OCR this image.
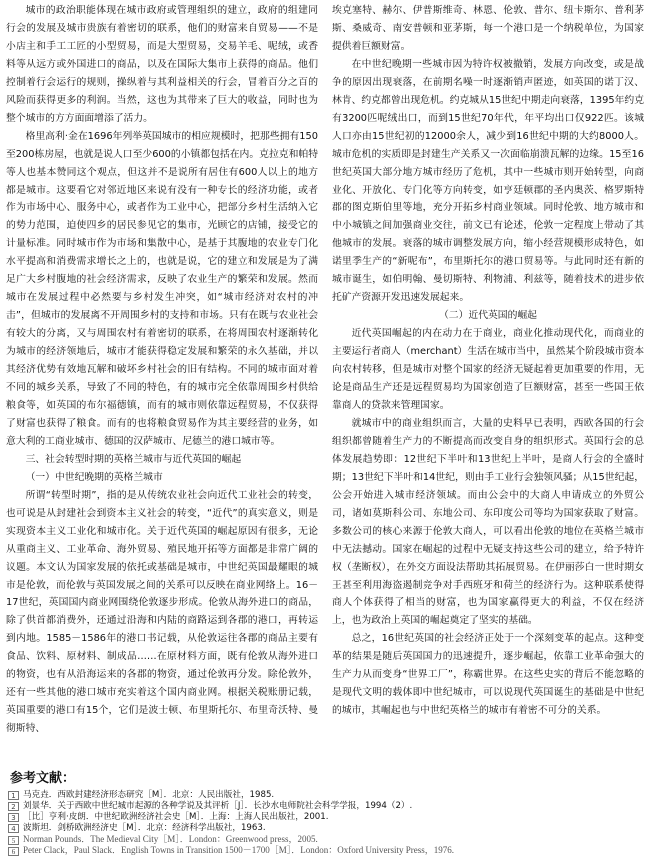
城市的政治职能体现在城市政府或管理组织的建立，政府的组建同行会的发展及城市贵族有着密切的联系，他们的财富来自贸易——不是小店主和手工工匠的小型贸易，而是大型贸易，交易羊毛、呢绒，或香料等从远方或外国进口的商品，以及在国际大集市上获得的商品。他们控制着行会运行的规则，操纵着与其利益相关的行会，冒着百分之百的风险而获得更多的利润。当然，这也为其带来了巨大的收益，同时也为整个城市的方方面面增添了活力。

格里高利·金在1696年列举英国城市的相应规模时，把那些拥有150至200栋房屋，也就是说人口至少600的小镇都包括在内。克拉克和帕特等人也基本赞同这个观点，但这并不是说所有居住有600人以上的地方都是城市。这要看它对邻近地区来说有没有一种专长的经济功能，或者作为市场中心、服务中心，或者作为工业中心，把部分乡村生活纳入它的势力范围，迫使四乡的居民参见它的集市，光顾它的店铺，接受它的计量标准。同时城市作为市场和集散中心，是基于其腹地的农业专门化水平提高和消费需求增长之上的，也就是说，它的建立和发展是为了满足广大乡村腹地的社会经济需求，反映了农业生产的繁荣和发展。然而城市在发展过程中必然要与乡村发生冲突，如“城市经济对农村的冲击”，但城市的发展离不开周围乡村的支持和市场。只有在既与农业社会有较大的分离，又与周围农村有着密切的联系，在将周围农村逐渐转化为城市的经济领地后，城市才能获得稳定发展和繁荣的永久基础，并以其经济优势有效地瓦解和破坏乡村社会的旧有结构。不同的城市面对着不同的城乡关系，导致了不同的特色，有的城市完全依靠周围乡村供给粮食等，如英国的布尔福德镇，而有的城市则依靠远程贸易，不仅获得了财富也获得了粮食。而有的也将粮食贸易作为其主要经营的业务，如意大利的工商业城市、德国的汉萨城市、尼德兰的港口城市等。

三、社会转型时期的英格兰城市与近代英国的崛起

（一）中世纪晚期的英格兰城市

所谓“转型时期”，指的是从传统农业社会向近代工业社会的转变，也可说是从封建社会到资本主义社会的转变，“近代”的真实意义，则是实现资本主义工业化和城市化。关于近代英国的崛起原因有很多，无论从重商主义、工业革命、海外贸易、殖民地开拓等方面都是非常广阔的议题。本文认为国家发展的依托或基础是城市，中世纪英国最耀眼的城市是伦敦，而伦敦与英国发展之间的关系可以反映在商业网络上。16－17世纪，英国国内商业网围绕伦敦逐步形成。伦敦从海外进口的商品，除了供首都消费外，还通过沿海和内陆的商路运到各郡的港口，再转运到内地。1585－1586年的港口书记载，从伦敦运往各郡的商品主要有食品、饮料、原材料、制成品……在原材料方面，既有伦敦从海外进口的物资，也有从沿海运来的各郡的物资，通过伦敦再分发。除伦敦外，还有一些其他的港口城市充实着这个国内商业网。根据关税账册记载，英国重要的港口有15个，它们是波士顿、布里斯托尔、布里奇沃特、曼彻斯特、

埃克塞特、赫尔、伊普斯维奇、林恩、伦敦、普尔、纽卡斯尔、普利茅斯、桑威奇、南安普顿和亚茅斯，每一个港口是一个纳税单位，为国家提供着巨额财富。

在中世纪晚期一些城市因为特许权被撤销，发展方向改变，或是战争的原因出现衰落，在前期名噪一时逐渐销声匿迹，如英国的诺丁汉、林肯、约克都曾出现危机。约克城从15世纪中期走向衰落，1395年约克有3200匹呢绒出口，而到15世纪70年代，年平均出口仅922匹。该城人口亦由15世纪初的12000余人，减少到16世纪中期的大约8000人。城市危机的实质即是封建生产关系又一次面临崩溃瓦解的边缘。15至16世纪英国大部分地方城市经历了危机，其中一些城市则开始转型，向商业化、开放化、专门化等方向转变，如亨廷顿郡的圣内奥茨、格罗斯特郡的图克斯伯里等地，充分开拓乡村商业领域。同时伦敦、地方城市和中小城镇之间加强商业交往，前文已有论述，伦敦一定程度上带动了其他城市的发展。衰落的城市调整发展方向，缩小经营规模形成特色，如诺里季生产的“新呢布”，布里斯托尔的港口贸易等。与此同时还有新的城市诞生，如伯明翰、曼切斯特、利物浦、利兹等，随着技术的进步依托矿产资源开发迅速发展起来。

（二）近代英国的崛起

近代英国崛起的内在动力在于商业，商业化推动现代化，而商业的主要运行者商人（merchant）生活在城市当中，虽然某个阶段城市资本向农村转移，但是城市对整个国家的经济无疑起着更加重要的作用，无论是商品生产还是远程贸易均为国家创造了巨额财富，甚至一些国王依靠商人的贷款来管理国家。

就城市中的商业组织而言，大量的史料早已表明，西欧各国的行会组织都曾随着生产力的不断提高而改变自身的组织形式。英国行会的总体发展趋势即：12世纪下半叶和13世纪上半叶，是商人行会的全盛时期；13世纪下半叶和14世纪，则由手工业行会独领风骚；从15世纪起，公会开始进入城市经济领域。而由公会中的大商人申请成立的外贸公司，诸如莫斯科公司、东地公司、东印度公司等均为国家获取了财富。多数公司的核心来源于伦敦大商人，可以看出伦敦的地位在英格兰城市中无法撼动。国家在崛起的过程中无疑支持这些公司的建立，给予特许权（垄断权），在外交方面设法帮助其拓展贸易。在伊丽莎白一世时期女王甚至利用海盗遏制竞争对手西班牙和荷兰的经济行为。这种联系使得商人个体获得了相当的财富，也为国家赢得更大的利益，不仅在经济上，也为政治上英国的崛起奠定了坚实的基础。

总之，16世纪英国的社会经济正处于一个深刻变革的起点。这种变革的结果是随后英国国力的迅速提升，逐步崛起，依靠工业革命强大的生产力从而变身“世界工厂”，称霸世界。在这些史实的背后不能忽略的是现代文明的载体即中世纪城市，可以说现代英国诞生的基础是中世纪的城市，其崛起也与中世纪英格兰的城市有着密不可分的关系。

参考文献：
1 马克垚．西欧封建经济形态研究［M］．北京：人民出版社，1985.
2 刘景华．关于西欧中世纪城市起源的各种学说及其评析［J］．长沙水电师院社会科学学报，1994（2）.
3 ［比］亨利·皮朗．中世纪欧洲经济社会史［M］．上海：上海人民出版社，2001.
4 波斯坦．剑桥欧洲经济史［M］．北京：经济科学出版社，1963.
5 Norman Pounds．The Medieval City［M］．London：Greenwood press，2005.
6 Peter Clack，Paul Slack．English Towns in Transition 1500－1700［M］．London：Oxford University Press，1976.
